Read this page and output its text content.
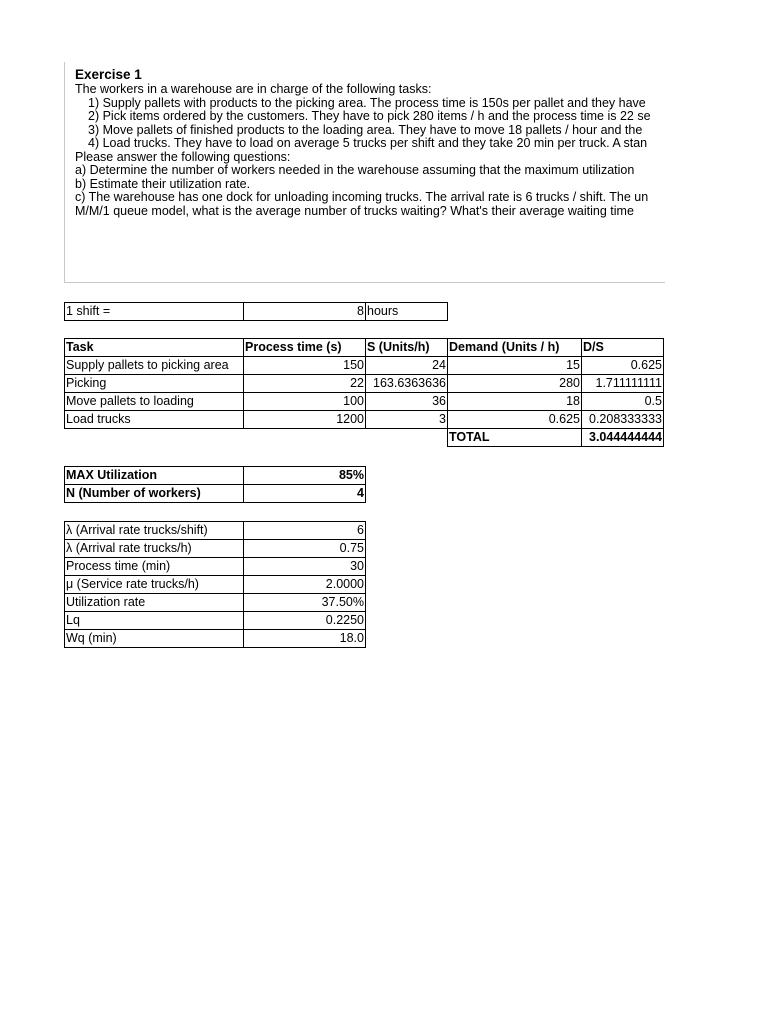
Exercise 1
The workers in a warehouse are in charge of the following tasks:
1) Supply pallets with products to the picking area. The process time is 150s per pallet and they have
2) Pick items ordered by the customers. They have to pick 280 items / h and the process time is 22 se
3) Move pallets of finished products to the loading area. They have to move 18 pallets / hour and the
4) Load trucks. They have to load on average 5 trucks per shift and they take 20 min per truck. A stan
Please answer the following questions:
a) Determine the number of workers needed in the warehouse assuming that the maximum utilization
b) Estimate their utilization rate.
c) The warehouse has one dock for unloading incoming trucks. The arrival rate is 6 trucks / shift. The un
M/M/1 queue model, what is the average number of trucks waiting? What's their average waiting time
1 shift =	8	hours
Task	Process time (s)	S (Units/h)	Demand (Units / h)	D/S
Supply pallets to picking area	150	24	15	0.625
Picking	22	163.6363636	280	1.711111111
Move pallets to loading	100	36	18	0.5
Load trucks	1200	3	0.625	0.208333333
			TOTAL	3.044444444
MAX Utilization	85%
N (Number of workers)	4
λ (Arrival rate trucks/shift)	6
λ (Arrival rate trucks/h)	0.75
Process time (min)	30
μ (Service rate trucks/h)	2.0000
Utilization rate	37.50%
Lq	0.2250
Wq (min)	18.0
